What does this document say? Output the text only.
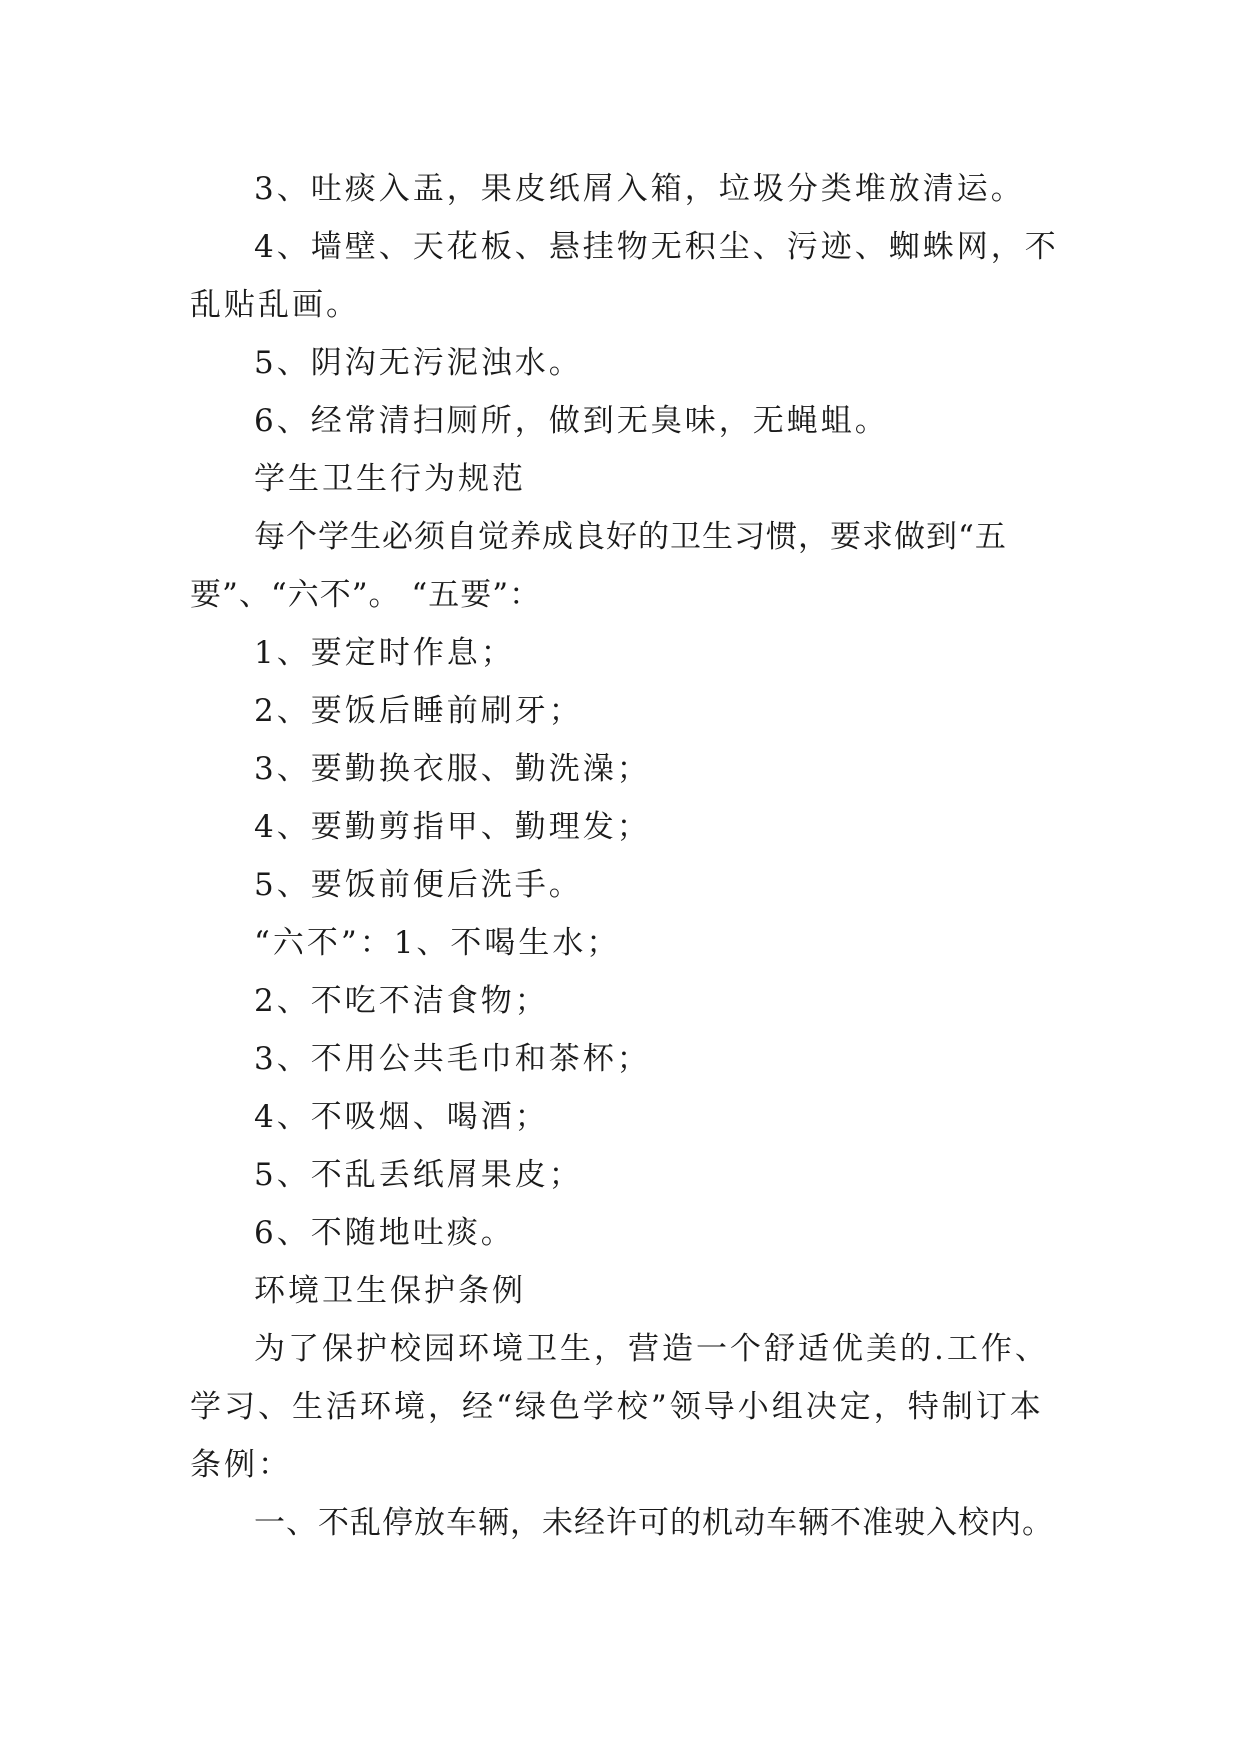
3、吐痰入盂，果皮纸屑入箱，垃圾分类堆放清运。

4、墙壁、天花板、悬挂物无积尘、污迹、蜘蛛网，不乱贴乱画。

5、阴沟无污泥浊水。

6、经常清扫厕所，做到无臭味，无蝇蛆。

学生卫生行为规范

每个学生必须自觉养成良好的卫生习惯，要求做到“五要”、“六不”。 “五要”：

1、要定时作息；

2、要饭后睡前刷牙；

3、要勤换衣服、勤洗澡；

4、要勤剪指甲、勤理发；

5、要饭前便后洗手。

“六不”：1、不喝生水；

2、不吃不洁食物；

3、不用公共毛巾和茶杯；

4、不吸烟、喝酒；

5、不乱丢纸屑果皮；

6、不随地吐痰。

环境卫生保护条例

为了保护校园环境卫生，营造一个舒适优美的.工作、学习、生活环境，经“绿色学校”领导小组决定，特制订本条例：

一、不乱停放车辆，未经许可的机动车辆不准驶入校内。
